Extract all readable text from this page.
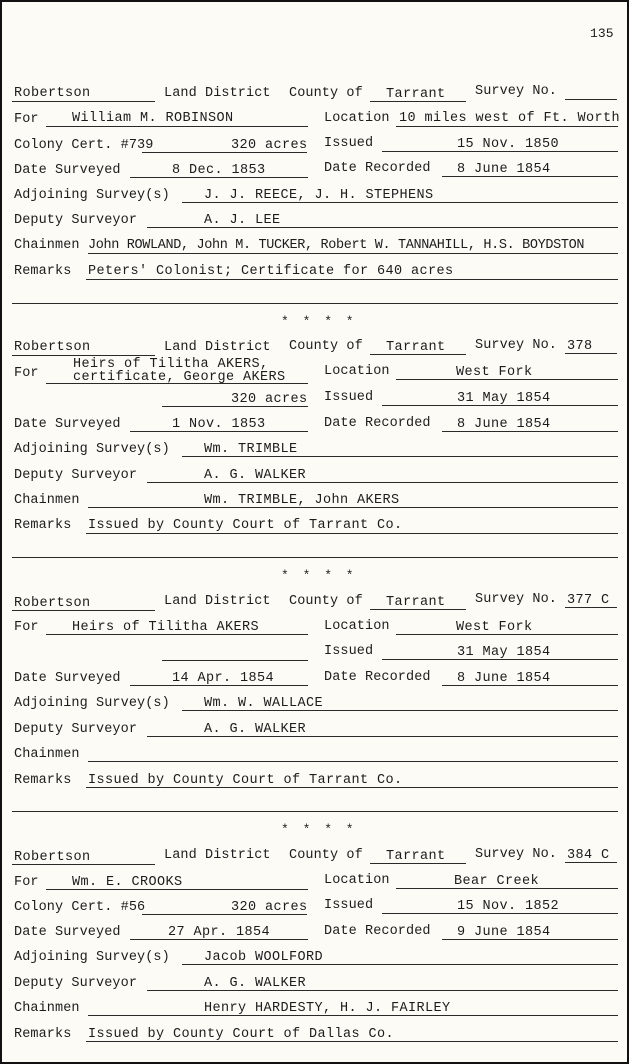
135
Robertson	Land District County of Tarrant Survey No.
For William M. ROBINSON	Location 10 miles west of Ft. Worth
Colony Cert. #739	320 acres Issued	15 Nov. 1850
Date Surveyed	8 Dec. 1853	Date Recorded 8 June 1854
Adjoining Survey(s)	J. J. REECE, J. H. STEPHENS
Deputy Surveyor	A. J. LEE
Chainmen John ROWLAND, John M. TUCKER, Robert W. TANNAHILL, H.S. BOYDSTON
Remarks Peters' Colonist; Certificate for 640 acres
* * * *
Robertson	Land District County of Tarrant Survey No. 378
For
Heirs of Tilitha AKERS,
certificate, George AKERS	Location	West Fork
320 acres Issued	31 May 1854
Date Surveyed	1 Nov. 1853	Date Recorded 8 June 1854
Adjoining Survey(s)	Wm. TRIMBLE
Deputy Surveyor	A. G. WALKER
Chainmen	Wm. TRIMBLE, John AKERS
Remarks Issued by County Court of Tarrant Co.
* * * *
Robertson	Land District County of Tarrant Survey No. 377 C
For Heirs of Tilitha AKERS	Location	West Fork
Issued	31 May 1854
Date Surveyed	14 Apr. 1854	Date Recorded 8 June 1854
Adjoining Survey(s)	Wm. W. WALLACE
Deputy Surveyor	A. G. WALKER
Chainmen
Remarks Issued by County Court of Tarrant Co.
* * * *
Robertson	Land District County of Tarrant Survey No. 384 C
For Wm. E. CROOKS	Location	Bear Creek
Colony Cert. #56	320 acres Issued	15 Nov. 1852
Date Surveyed	27 Apr. 1854	Date Recorded 9 June 1854
Adjoining Survey(s)	Jacob WOOLFORD
Deputy Surveyor	A. G. WALKER
Chainmen	Henry HARDESTY, H. J. FAIRLEY
Remarks Issued by County Court of Dallas Co.
